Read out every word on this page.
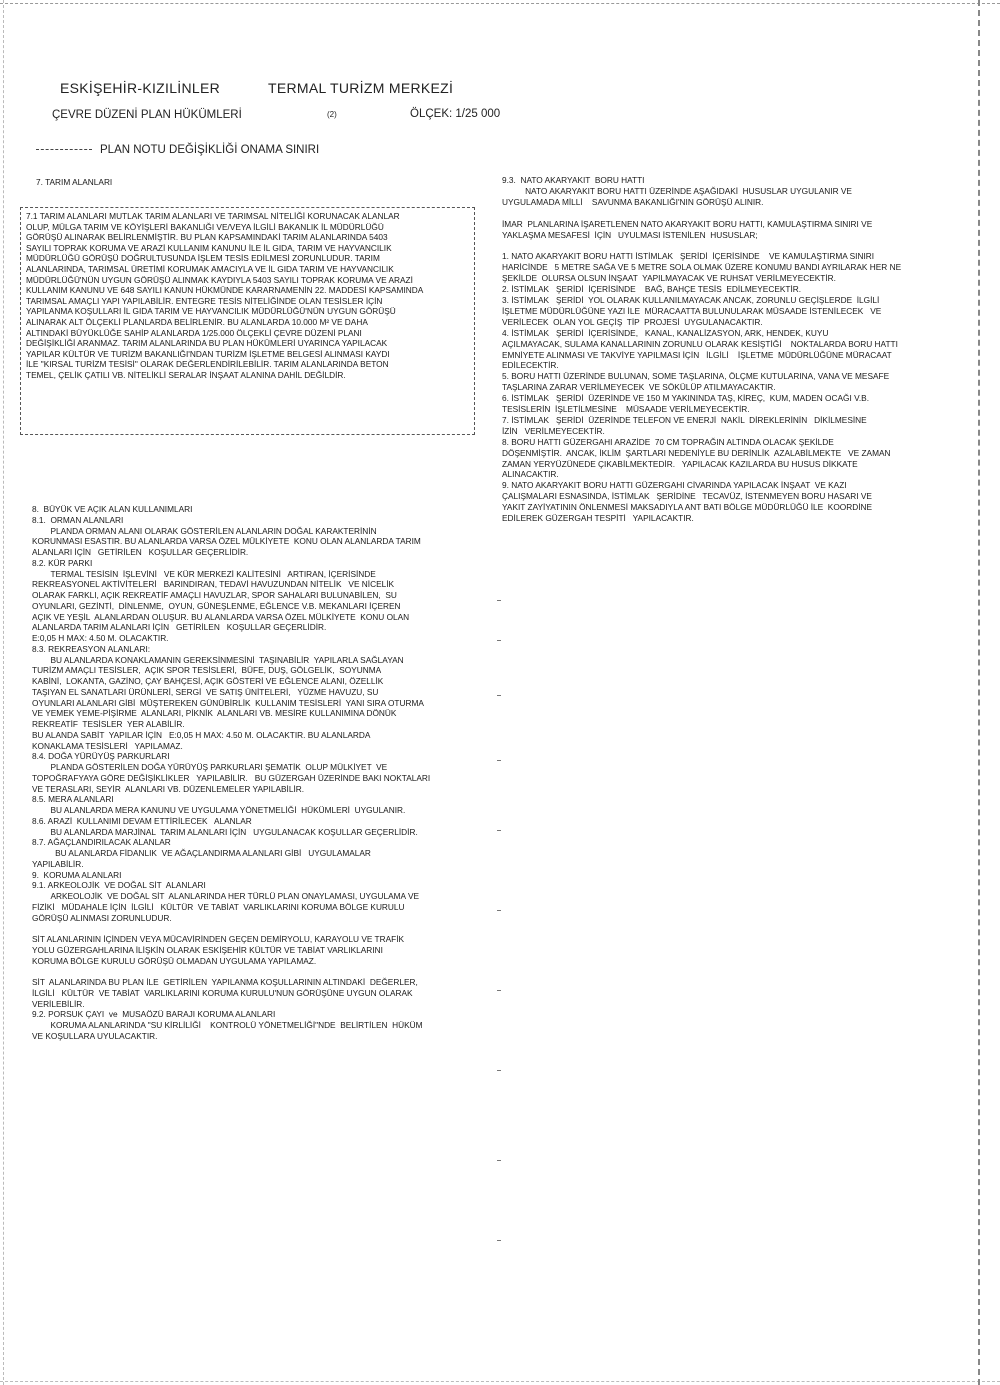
ESKİŞEHİR-KIZILİNLER	TERMAL TURİZM MERKEZİ
ÇEVRE DÜZENİ PLAN HÜKÜMLERİ	(2)	ÖLÇEK: 1/25 000
PLAN NOTU DEĞİŞİKLİĞİ ONAMA SINIRI
7. TARIM ALANLARI
7.1 TARIM ALANLARI MUTLAK TARIM ALANLARI VE TARIMSAL NİTELİĞİ KORUNACAK ALANLAR
OLUP, MÜLGA TARIM VE KÖYİŞLERİ BAKANLIĞI VE/VEYA İLGİLİ BAKANLIK İL MÜDÜRLÜĞÜ
GÖRÜŞÜ ALINARAK BELİRLENMİŞTİR. BU PLAN KAPSAMINDAKİ TARIM ALANLARINDA 5403
SAYILI TOPRAK KORUMA VE ARAZİ KULLANIM KANUNU İLE İL GIDA, TARIM VE HAYVANCILIK
MÜDÜRLÜĞÜ GÖRÜŞÜ DOĞRULTUSUNDA İŞLEM TESİS EDİLMESİ ZORUNLUDUR. TARIM
ALANLARINDA, TARIMSAL ÜRETİMİ KORUMAK AMACIYLA VE İL GIDA TARIM VE HAYVANCILIK
MÜDÜRLÜĞÜ'NÜN UYGUN GÖRÜŞÜ ALINMAK KAYDIYLA 5403 SAYILI TOPRAK KORUMA VE ARAZİ
KULLANIM KANUNU VE 648 SAYILI KANUN HÜKMÜNDE KARARNAMENİN 22. MADDESİ KAPSAMINDA
TARIMSAL AMAÇLI YAPI YAPILABİLİR. ENTEGRE TESİS NİTELİĞİNDE OLAN TESİSLER İÇİN
YAPILANMA KOŞULLARI İL GIDA TARIM VE HAYVANCILIK MÜDÜRLÜĞÜ'NÜN UYGUN GÖRÜŞÜ
ALINARAK ALT ÖLÇEKLİ PLANLARDA BELİRLENİR. BU ALANLARDA 10.000 M² VE DAHA
ALTINDAKİ BÜYÜKLÜĞE SAHİP ALANLARDA 1/25.000 ÖLÇEKLİ ÇEVRE DÜZENİ PLANI
DEĞİŞİKLİĞİ ARANMAZ. TARIM ALANLARINDA BU PLAN HÜKÜMLERİ UYARINCA YAPILACAK
YAPILAR KÜLTÜR VE TURİZM BAKANLIĞI'NDAN TURİZM İŞLETME BELGESİ ALINMASI KAYDI
İLE "KIRSAL TURİZM TESİSİ" OLARAK DEĞERLENDİRİLEBİLİR. TARIM ALANLARINDA BETON
TEMEL, ÇELİK ÇATILI VB. NİTELİKLİ SERALAR İNŞAAT ALANINA DAHİL DEĞİLDİR.
8.  BÜYÜK VE AÇIK ALAN KULLANIMLARI
8.1.  ORMAN ALANLARI
PLANDA ORMAN ALANI OLARAK GÖSTERİLEN ALANLARIN DOĞAL KARAKTERİNİN
KORUNMASI ESASTIR. BU ALANLARDA VARSA ÖZEL MÜLKİYETE  KONU OLAN ALANLARDA TARIM
ALANLARI İÇİN   GETİRİLEN   KOŞULLAR GEÇERLİDİR.
8.2. KÜR PARKI
TERMAL TESİSİN  İŞLEVİNİ   VE KÜR MERKEZİ KALİTESİNİ   ARTIRAN, İÇERİSİNDE
REKREASYONEL AKTİVİTELERİ   BARINDIRAN, TEDAVİ HAVUZUNDAN NİTELİK   VE NİCELİK
OLARAK FARKLI, AÇIK REKREATİF AMAÇLI HAVUZLAR, SPOR SAHALARI BULUNABİLEN,  SU
OYUNLARI, GEZİNTİ,  DİNLENME,  OYUN, GÜNEŞLENME, EĞLENCE V.B. MEKANLARI İÇEREN
AÇIK VE YEŞİL  ALANLARDAN OLUŞUR. BU ALANLARDA VARSA ÖZEL MÜLKİYETE  KONU OLAN
ALANLARDA TARIM ALANLARI İÇİN   GETİRİLEN   KOŞULLAR GEÇERLİDİR.
E:0,05 H MAX: 4.50 M. OLACAKTIR.
8.3. REKREASYON ALANLARI:
BU ALANLARDA KONAKLAMANIN GEREKSİNMESİNİ  TAŞINABİLİR  YAPILARLA SAĞLAYAN
TURİZM AMAÇLI TESİSLER,  AÇIK SPOR TESİSLERİ,  BÜFE, DUŞ, GÖLGELİK,  SOYUNMA
KABİNİ,  LOKANTA, GAZİNO, ÇAY BAHÇESİ, AÇIK GÖSTERİ VE EĞLENCE ALANI, ÖZELLİK
TAŞIYAN EL SANATLARI ÜRÜNLERİ, SERGİ  VE SATIŞ ÜNİTELERİ,   YÜZME HAVUZU, SU
OYUNLARI ALANLARI GİBİ  MÜŞTEREKEN GÜNÜBİRLİK  KULLANIM TESİSLERİ  YANI SIRA OTURMA
VE YEMEK YEME-PİŞİRME  ALANLARI, PİKNİK  ALANLARI VB. MESİRE KULLANIMINA DÖNÜK
REKREATİF  TESİSLER  YER ALABİLİR.
BU ALANDA SABİT  YAPILAR İÇİN   E:0,05 H MAX: 4.50 M. OLACAKTIR. BU ALANLARDA
KONAKLAMA TESİSLERİ   YAPILAMAZ.
8.4. DOĞA YÜRÜYÜŞ PARKURLARI
PLANDA GÖSTERİLEN DOĞA YÜRÜYÜŞ PARKURLARI ŞEMATİK  OLUP MÜLKİYET  VE
TOPOĞRAFYAYA GÖRE DEĞİŞİKLİKLER   YAPILABİLİR.   BU GÜZERGAH ÜZERİNDE BAKI NOKTALARI
VE TERASLARI, SEYİR  ALANLARI VB. DÜZENLEMELER YAPILABİLİR.
8.5. MERA ALANLARI
BU ALANLARDA MERA KANUNU VE UYGULAMA YÖNETMELİĞİ  HÜKÜMLERİ  UYGULANIR.
8.6. ARAZİ  KULLANIMI DEVAM ETTİRİLECEK   ALANLAR
BU ALANLARDA MARJİNAL  TARIM ALANLARI İÇİN   UYGULANACAK KOŞULLAR GEÇERLİDİR.
8.7. AĞAÇLANDIRILACAK ALANLAR
BU ALANLARDA FİDANLIK  VE AĞAÇLANDIRMA ALANLARI GİBİ   UYGULAMALAR
YAPILABİLİR.
9.  KORUMA ALANLARI
9.1. ARKEOLOJİK  VE DOĞAL SİT  ALANLARI
ARKEOLOJİK  VE DOĞAL SİT  ALANLARINDA HER TÜRLÜ PLAN ONAYLAMASI, UYGULAMA VE
FİZİKİ   MÜDAHALE İÇİN  İLGİLİ   KÜLTÜR  VE TABİAT  VARLIKLARINI KORUMA BÖLGE KURULU
GÖRÜŞÜ ALINMASI ZORUNLUDUR.

SİT ALANLARININ İÇİNDEN VEYA MÜCAVİRİNDEN GEÇEN DEMİRYOLU, KARAYOLU VE TRAFİK
YOLU GÜZERGAHLARINA İLİŞKİN OLARAK ESKİŞEHİR KÜLTÜR VE TABİAT VARLIKLARINI
KORUMA BÖLGE KURULU GÖRÜŞÜ OLMADAN UYGULAMA YAPILAMAZ.

SİT  ALANLARINDA BU PLAN İLE  GETİRİLEN  YAPILANMA KOŞULLARININ ALTINDAKİ  DEĞERLER,
İLGİLİ   KÜLTÜR  VE TABİAT  VARLIKLARINI KORUMA KURULU'NUN GÖRÜŞÜNE UYGUN OLARAK
VERİLEBİLİR.
9.2. PORSUK ÇAYI  ve  MUSAÖZÜ BARAJI KORUMA ALANLARI
KORUMA ALANLARINDA "SU KİRLİLİĞİ    KONTROLÜ YÖNETMELİĞİ"NDE  BELİRTİLEN  HÜKÜM
VE KOŞULLARA UYULACAKTIR.
9.3.  NATO AKARYAKIT  BORU HATTI
NATO AKARYAKIT BORU HATTI ÜZERİNDE AŞAĞIDAKİ  HUSUSLAR UYGULANIR VE
UYGULAMADA MİLLİ    SAVUNMA BAKANLIĞI'NIN GÖRÜŞÜ ALINIR.

İMAR  PLANLARINA İŞARETLENEN NATO AKARYAKIT BORU HATTI, KAMULAŞTIRMA SINIRI VE
YAKLAŞMA MESAFESİ  İÇİN   UYULMASI İSTENİLEN  HUSUSLAR;

1. NATO AKARYAKIT BORU HATTI İSTİMLAK   ŞERİDİ  İÇERİSİNDE    VE KAMULAŞTIRMA SINIRI
HARİCİNDE   5 METRE SAĞA VE 5 METRE SOLA OLMAK ÜZERE KONUMU BANDI AYRILARAK HER NE
ŞEKİLDE  OLURSA OLSUN İNŞAAT  YAPILMAYACAK VE RUHSAT VERİLMEYECEKTİR.
2. İSTİMLAK   ŞERİDİ  İÇERİSİNDE    BAĞ, BAHÇE TESİS  EDİLMEYECEKTİR.
3. İSTİMLAK   ŞERİDİ  YOL OLARAK KULLANILMAYACAK ANCAK, ZORUNLU GEÇİŞLERDE  İLGİLİ
İŞLETME MÜDÜRLÜĞÜNE YAZI İLE  MÜRACAATTA BULUNULARAK MÜSAADE İSTENİLECEK   VE
VERİLECEK  OLAN YOL GEÇİŞ  TİP  PROJESİ  UYGULANACAKTIR.
4. İSTİMLAK   ŞERİDİ  İÇERİSİNDE,   KANAL, KANALİZASYON, ARK, HENDEK, KUYU
AÇILMAYACAK, SULAMA KANALLARININ ZORUNLU OLARAK KESİŞTİĞİ    NOKTALARDA BORU HATTI
EMNİYETE ALINMASI VE TAKVİYE YAPILMASI İÇİN   İLGİLİ    İŞLETME  MÜDÜRLÜĞÜNE MÜRACAAT
EDİLECEKTİR.
5. BORU HATTI ÜZERİNDE BULUNAN, SOME TAŞLARINA, ÖLÇME KUTULARINA, VANA VE MESAFE
TAŞLARINA ZARAR VERİLMEYECEK  VE SÖKÜLÜP ATILMAYACAKTIR.
6. İSTİMLAK   ŞERİDİ  ÜZERİNDE VE 150 M YAKININDA TAŞ, KİREÇ,  KUM, MADEN OCAĞI V.B.
TESİSLERİN  İŞLETİLMESİNE    MÜSAADE VERİLMEYECEKTİR.
7. İSTİMLAK   ŞERİDİ  ÜZERİNDE TELEFON VE ENERJİ  NAKİL  DİREKLERİNİN   DİKİLMESİNE
İZİN   VERİLMEYECEKTİR.
8. BORU HATTI GÜZERGAHI ARAZİDE  70 CM TOPRAĞIN ALTINDA OLACAK ŞEKİLDE
DÖŞENMİŞTİR.  ANCAK, İKLİM  ŞARTLARI NEDENİYLE BU DERİNLİK  AZALABİLMEKTE   VE ZAMAN
ZAMAN YERYÜZÜNEDE ÇIKABİLMEKTEDİR.   YAPILACAK KAZILARDA BU HUSUS DİKKATE
ALINACAKTIR.
9. NATO AKARYAKIT BORU HATTI GÜZERGAHI CİVARINDA YAPILACAK İNŞAAT  VE KAZI
ÇALIŞMALARI ESNASINDA, İSTİMLAK   ŞERİDİNE   TECAVÜZ, İSTENMEYEN BORU HASARI VE
YAKIT ZAYİYATININ ÖNLENMESİ MAKSADIYLA ANT BATI BÖLGE MÜDÜRLÜĞÜ İLE  KOORDİNE
EDİLEREK GÜZERGAH TESPİTİ   YAPILACAKTIR.
